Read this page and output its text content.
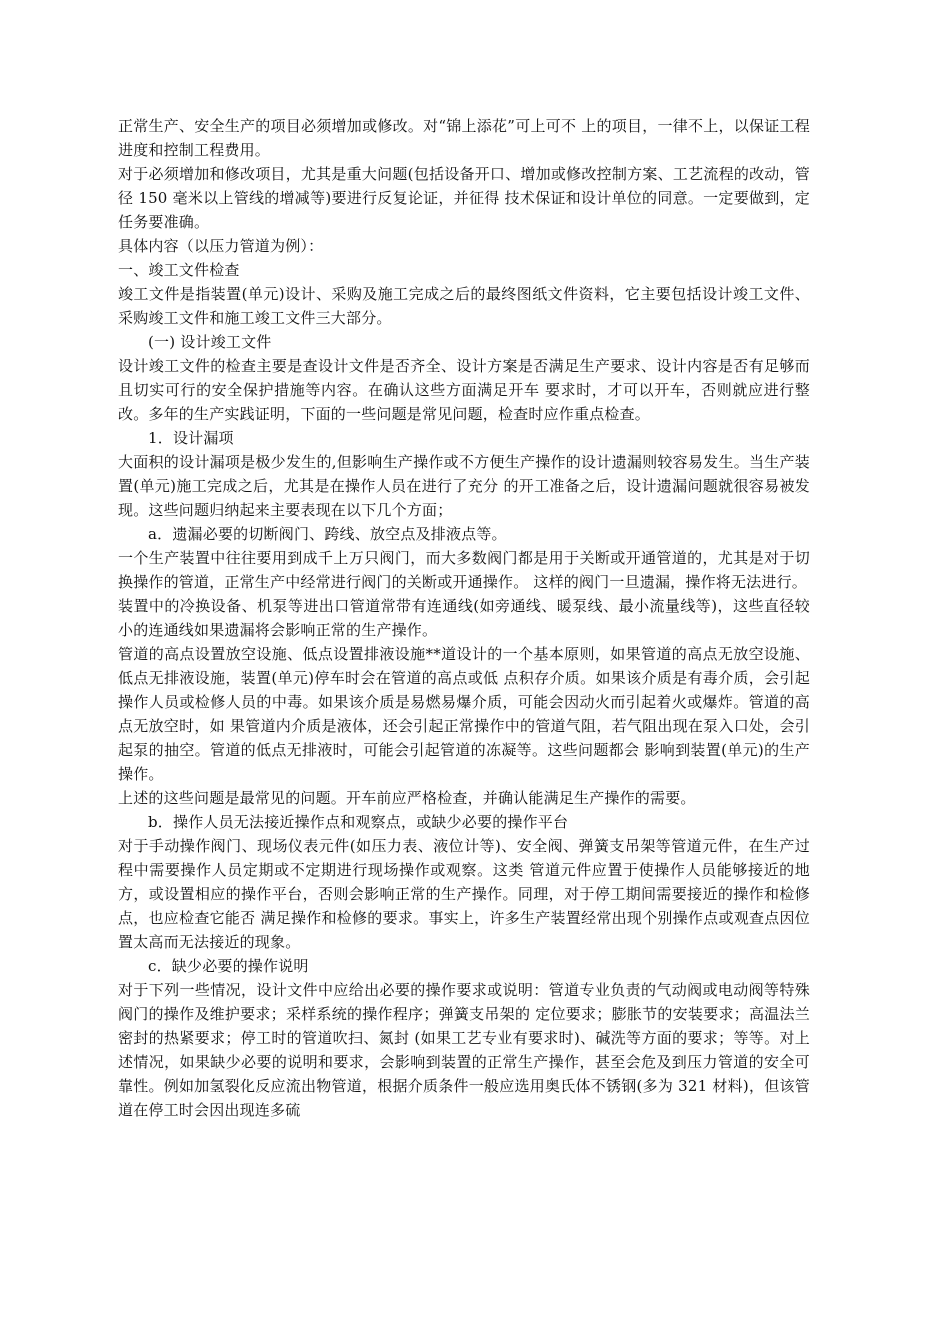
正常生产、安全生产的项目必须增加或修改。对“锦上添花”可上可不 上的项目，一律不上，以保证工程进度和控制工程费用。

对于必须增加和修改项目，尤其是重大问题(包括设备开口、增加或修改控制方案、工艺流程的改动，管径 150 毫米以上管线的增减等)要进行反复论证，并征得 技术保证和设计单位的同意。一定要做到，定任务要准确。

具体内容（以压力管道为例）：

一、竣工文件检查

竣工文件是指装置(单元)设计、采购及施工完成之后的最终图纸文件资料，它主要包括设计竣工文件、采购竣工文件和施工竣工文件三大部分。

(一) 设计竣工文件

设计竣工文件的检查主要是查设计文件是否齐全、设计方案是否满足生产要求、设计内容是否有足够而且切实可行的安全保护措施等内容。在确认这些方面满足开车 要求时，才可以开车，否则就应进行整改。多年的生产实践证明，下面的一些问题是常见问题，检查时应作重点检查。

1．设计漏项

大面积的设计漏项是极少发生的,但影响生产操作或不方便生产操作的设计遗漏则较容易发生。当生产装置(单元)施工完成之后，尤其是在操作人员在进行了充分 的开工准备之后，设计遗漏问题就很容易被发现。这些问题归纳起来主要表现在以下几个方面；

a．遗漏必要的切断阀门、跨线、放空点及排液点等。

一个生产装置中往往要用到成千上万只阀门，而大多数阀门都是用于关断或开通管道的，尤其是对于切换操作的管道，正常生产中经常进行阀门的关断或开通操作。 这样的阀门一旦遗漏，操作将无法进行。

装置中的冷换设备、机泵等进出口管道常带有连通线(如旁通线、暖泵线、最小流量线等)，这些直径较小的连通线如果遗漏将会影响正常的生产操作。

管道的高点设置放空设施、低点设置排液设施**道设计的一个基本原则，如果管道的高点无放空设施、低点无排液设施，装置(单元)停车时会在管道的高点或低 点积存介质。如果该介质是有毒介质，会引起操作人员或检修人员的中毒。如果该介质是易燃易爆介质，可能会因动火而引起着火或爆炸。管道的高点无放空时，如 果管道内介质是液体，还会引起正常操作中的管道气阻，若气阻出现在泵入口处，会引起泵的抽空。管道的低点无排液时，可能会引起管道的冻凝等。这些问题都会 影响到装置(单元)的生产操作。

上述的这些问题是最常见的问题。开车前应严格检查，并确认能满足生产操作的需要。

b．操作人员无法接近操作点和观察点，或缺少必要的操作平台

对于手动操作阀门、现场仪表元件(如压力表、液位计等)、安全阀、弹簧支吊架等管道元件，在生产过程中需要操作人员定期或不定期进行现场操作或观察。这类 管道元件应置于使操作人员能够接近的地方，或设置相应的操作平台，否则会影响正常的生产操作。同理，对于停工期间需要接近的操作和检修点，也应检查它能否 满足操作和检修的要求。事实上，许多生产装置经常出现个别操作点或观查点因位置太高而无法接近的现象。

c．缺少必要的操作说明

对于下列一些情况，设计文件中应给出必要的操作要求或说明：管道专业负责的气动阀或电动阀等特殊阀门的操作及维护要求；采样系统的操作程序；弹簧支吊架的 定位要求；膨胀节的安装要求；高温法兰密封的热紧要求；停工时的管道吹扫、氮封 (如果工艺专业有要求时)、碱洗等方面的要求；等等。对上述情况，如果缺少必要的说明和要求，会影响到装置的正常生产操作，甚至会危及到压力管道的安全可 靠性。例如加氢裂化反应流出物管道，根据介质条件一般应选用奥氏体不锈钢(多为 321 材料)，但该管道在停工时会因出现连多硫
